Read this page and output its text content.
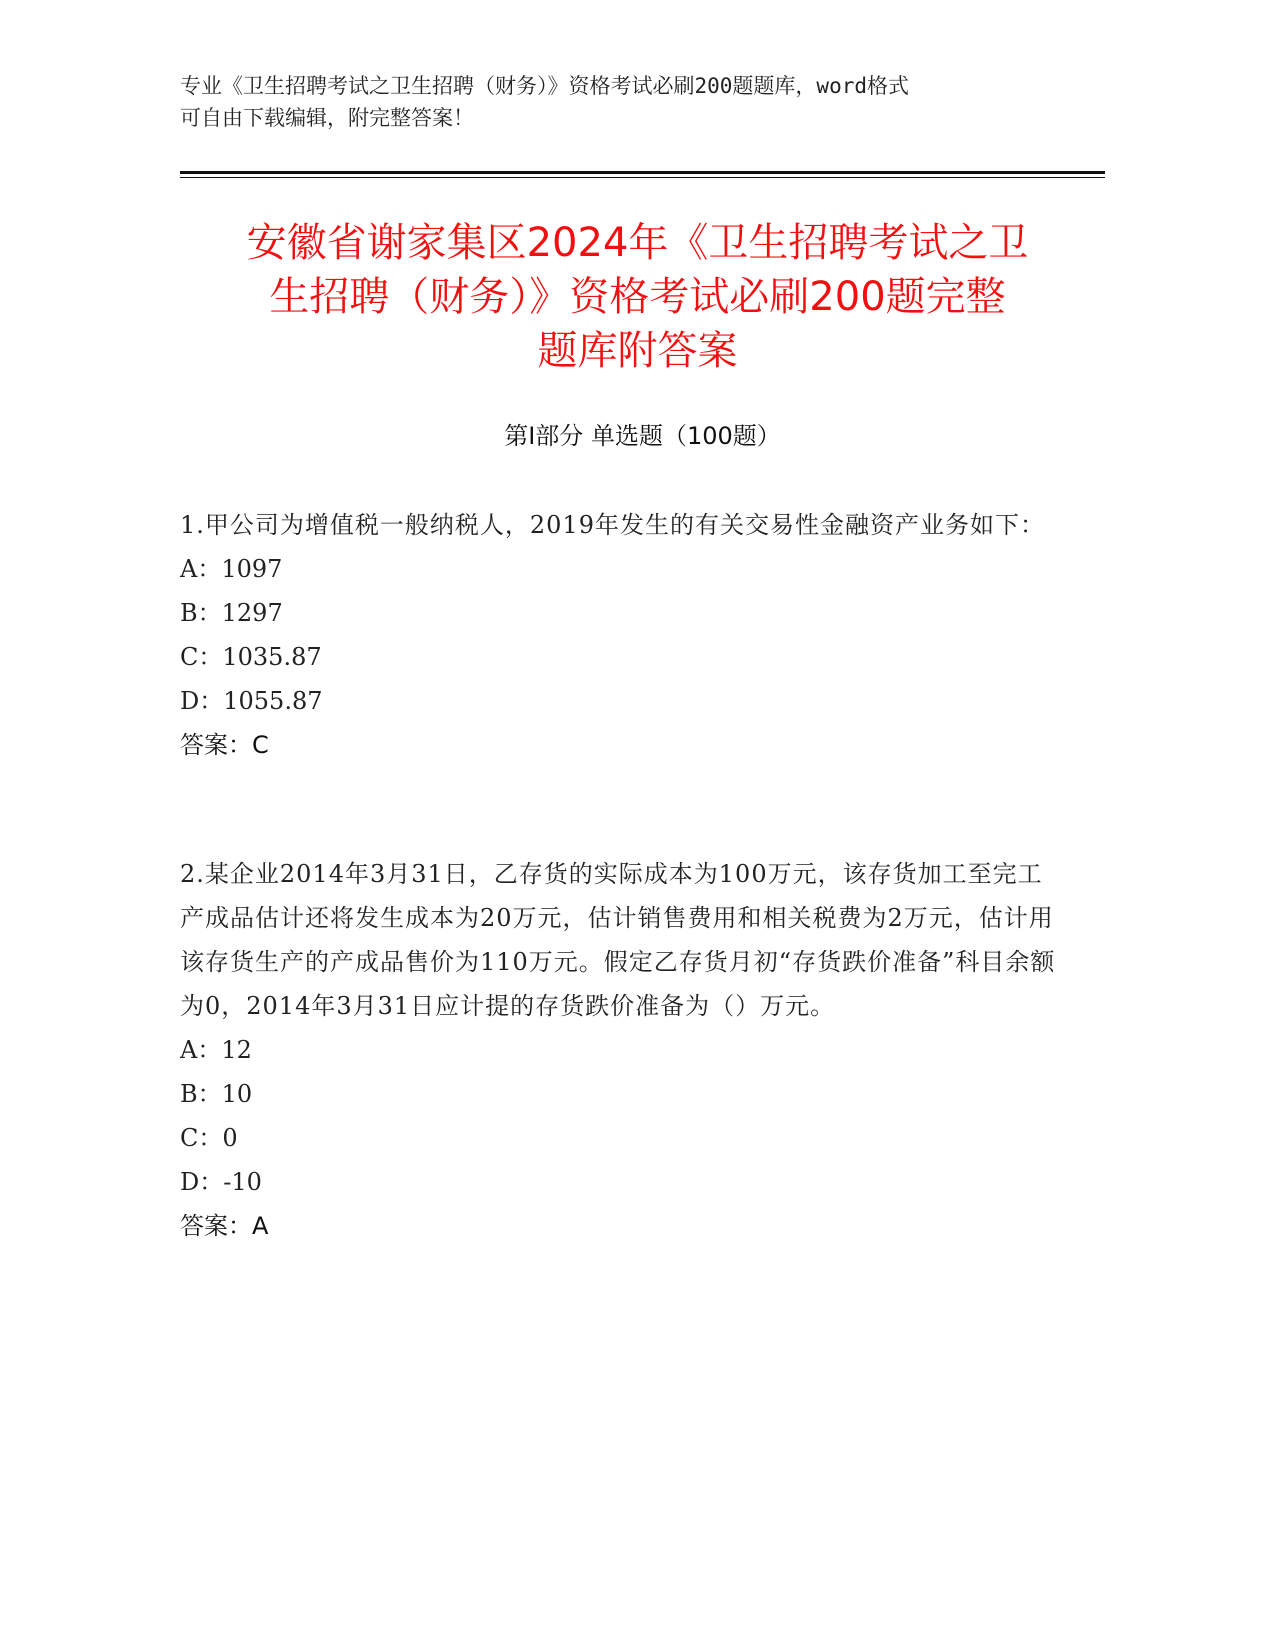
专业《卫生招聘考试之卫生招聘（财务）》资格考试必刷200题题库，word格式
可自由下载编辑，附完整答案！
安徽省谢家集区2024年《卫生招聘考试之卫
生招聘（财务）》资格考试必刷200题完整
题库附答案
第Ⅰ部分 单选题（100题）
1.甲公司为增值税一般纳税人，2019年发生的有关交易性金融资产业务如下：
A：1097
B：1297
C：1035.87
D：1055.87
答案：C
2.某企业2014年3月31日，乙存货的实际成本为100万元，该存货加工至完工产成品估计还将发生成本为20万元，估计销售费用和相关税费为2万元，估计用该存货生产的产成品售价为110万元。假定乙存货月初“存货跌价准备”科目余额为0，2014年3月31日应计提的存货跌价准备为（）万元。
A：12
B：10
C：0
D：-10
答案：A
